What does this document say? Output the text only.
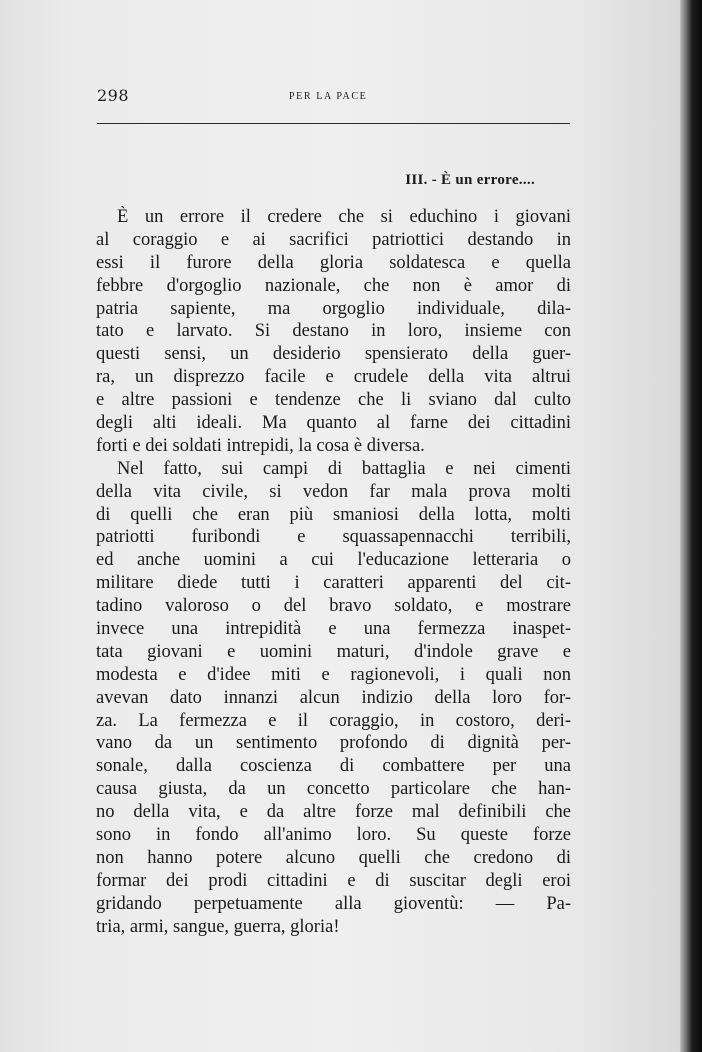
298	PER LA PACE
III. - È un errore....
È un errore il credere che si educhino i giovani
al coraggio e ai sacrifici patriottici destando in
essi il furore della gloria soldatesca e quella
febbre d'orgoglio nazionale, che non è amor di
patria sapiente, ma orgoglio individuale, dila-
tato e larvato. Si destano in loro, insieme con
questi sensi, un desiderio spensierato della guer-
ra, un disprezzo facile e crudele della vita altrui
e altre passioni e tendenze che li sviano dal culto
degli alti ideali. Ma quanto al farne dei cittadini
forti e dei soldati intrepidi, la cosa è diversa.
Nel fatto, sui campi di battaglia e nei cimenti
della vita civile, si vedon far mala prova molti
di quelli che eran più smaniosi della lotta, molti
patriotti furibondi e squassapennacchi terribili,
ed anche uomini a cui l'educazione letteraria o
militare diede tutti i caratteri apparenti del cit-
tadino valoroso o del bravo soldato, e mostrare
invece una intrepidità e una fermezza inaspet-
tata giovani e uomini maturi, d'indole grave e
modesta e d'idee miti e ragionevoli, i quali non
avevan dato innanzi alcun indizio della loro for-
za. La fermezza e il coraggio, in costoro, deri-
vano da un sentimento profondo di dignità per-
sonale, dalla coscienza di combattere per una
causa giusta, da un concetto particolare che han-
no della vita, e da altre forze mal definibili che
sono in fondo all'animo loro. Su queste forze
non hanno potere alcuno quelli che credono di
formar dei prodi cittadini e di suscitar degli eroi
gridando perpetuamente alla gioventù: — Pa-
tria, armi, sangue, guerra, gloria!
